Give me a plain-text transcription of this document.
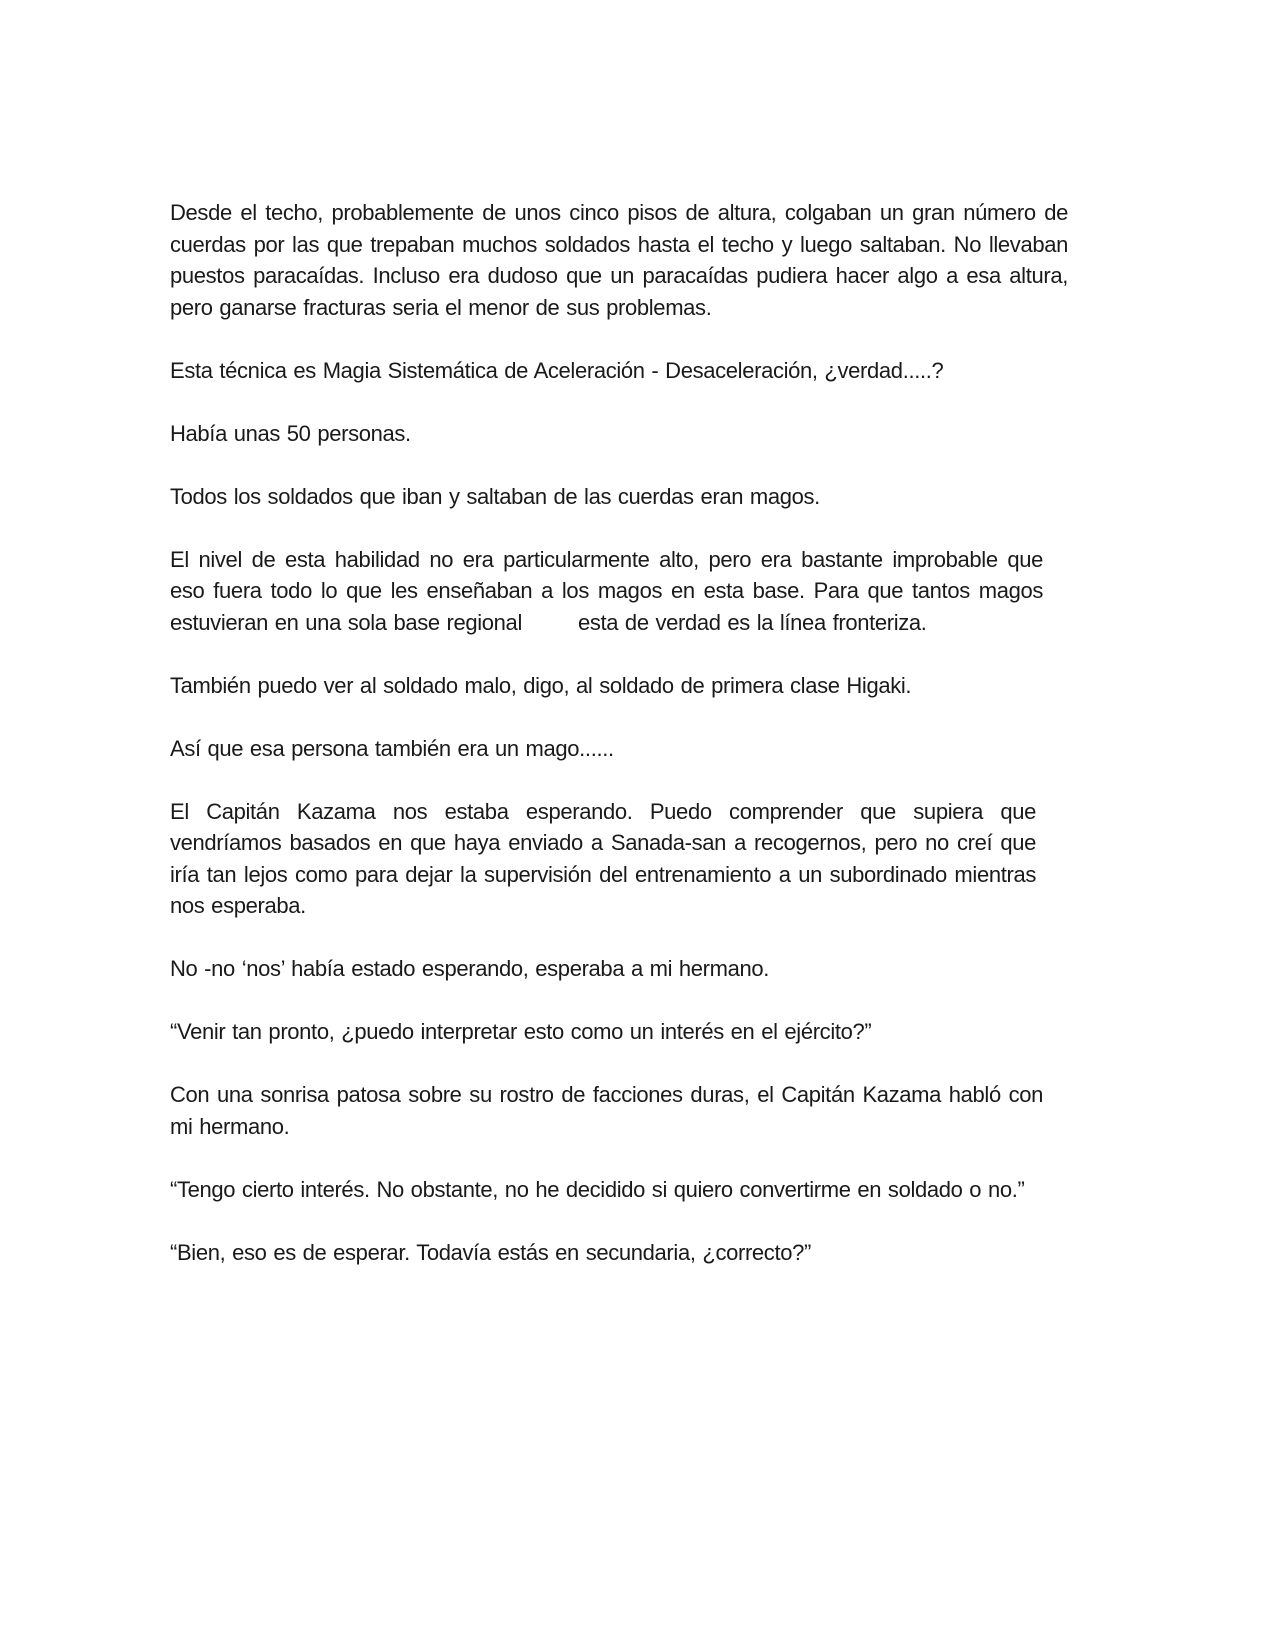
Desde el techo, probablemente de unos cinco pisos de altura, colgaban un gran número de cuerdas por las que trepaban muchos soldados hasta el techo y luego saltaban. No llevaban puestos paracaídas. Incluso era dudoso que un paracaídas pudiera hacer algo a esa altura, pero ganarse fracturas seria el menor de sus problemas.

Esta técnica es Magia Sistemática de Aceleración - Desaceleración, ¿verdad.....?

Había unas 50 personas.

Todos los soldados que iban y saltaban de las cuerdas eran magos.

El nivel de esta habilidad no era particularmente alto, pero era bastante improbable que eso fuera todo lo que les enseñaban a los magos en esta base. Para que tantos magos estuvieran en una sola base regional	esta de verdad es la línea fronteriza.

También puedo ver al soldado malo, digo, al soldado de primera clase Higaki.

Así que esa persona también era un mago......

El Capitán Kazama nos estaba esperando. Puedo comprender que supiera que vendríamos basados en que haya enviado a Sanada-san a recogernos, pero no creí que iría tan lejos como para dejar la supervisión del entrenamiento a un subordinado mientras nos esperaba.

No -no ‘nos’ había estado esperando, esperaba a mi hermano.

“Venir tan pronto, ¿puedo interpretar esto como un interés en el ejército?”

Con una sonrisa patosa sobre su rostro de facciones duras, el Capitán Kazama habló con mi hermano.

“Tengo cierto interés. No obstante, no he decidido si quiero convertirme en soldado o no.”

“Bien, eso es de esperar. Todavía estás en secundaria, ¿correcto?”
